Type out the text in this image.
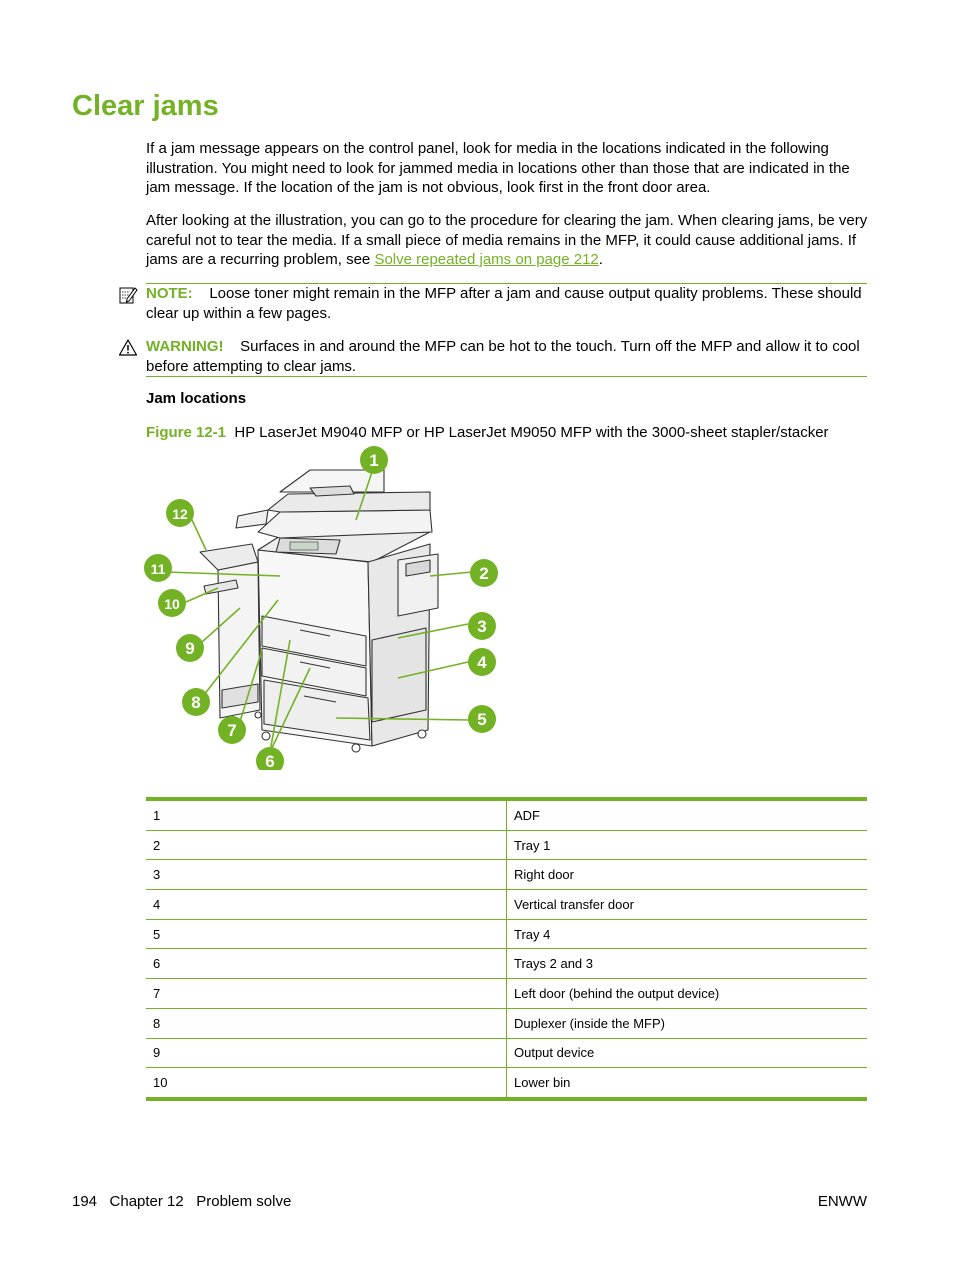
Clear jams

If a jam message appears on the control panel, look for media in the locations indicated in the following illustration. You might need to look for jammed media in locations other than those that are indicated in the jam message. If the location of the jam is not obvious, look first in the front door area.

After looking at the illustration, you can go to the procedure for clearing the jam. When clearing jams, be very careful not to tear the media. If a small piece of media remains in the MFP, it could cause additional jams. If jams are a recurring problem, see Solve repeated jams on page 212.

NOTE: Loose toner might remain in the MFP after a jam and cause output quality problems. These should clear up within a few pages.

WARNING! Surfaces in and around the MFP can be hot to the touch. Turn off the MFP and allow it to cool before attempting to clear jams.

Jam locations

Figure 12-1 HP LaserJet M9040 MFP or HP LaserJet M9050 MFP with the 3000-sheet stapler/stacker

1
2
3
4
5
6
7
8
9
10
11
12
1	ADF
2	Tray 1
3	Right door
4	Vertical transfer door
5	Tray 4
6	Trays 2 and 3
7	Left door (behind the output device)
8	Duplexer (inside the MFP)
9	Output device
10	Lower bin
194   Chapter 12   Problem solve	ENWW
